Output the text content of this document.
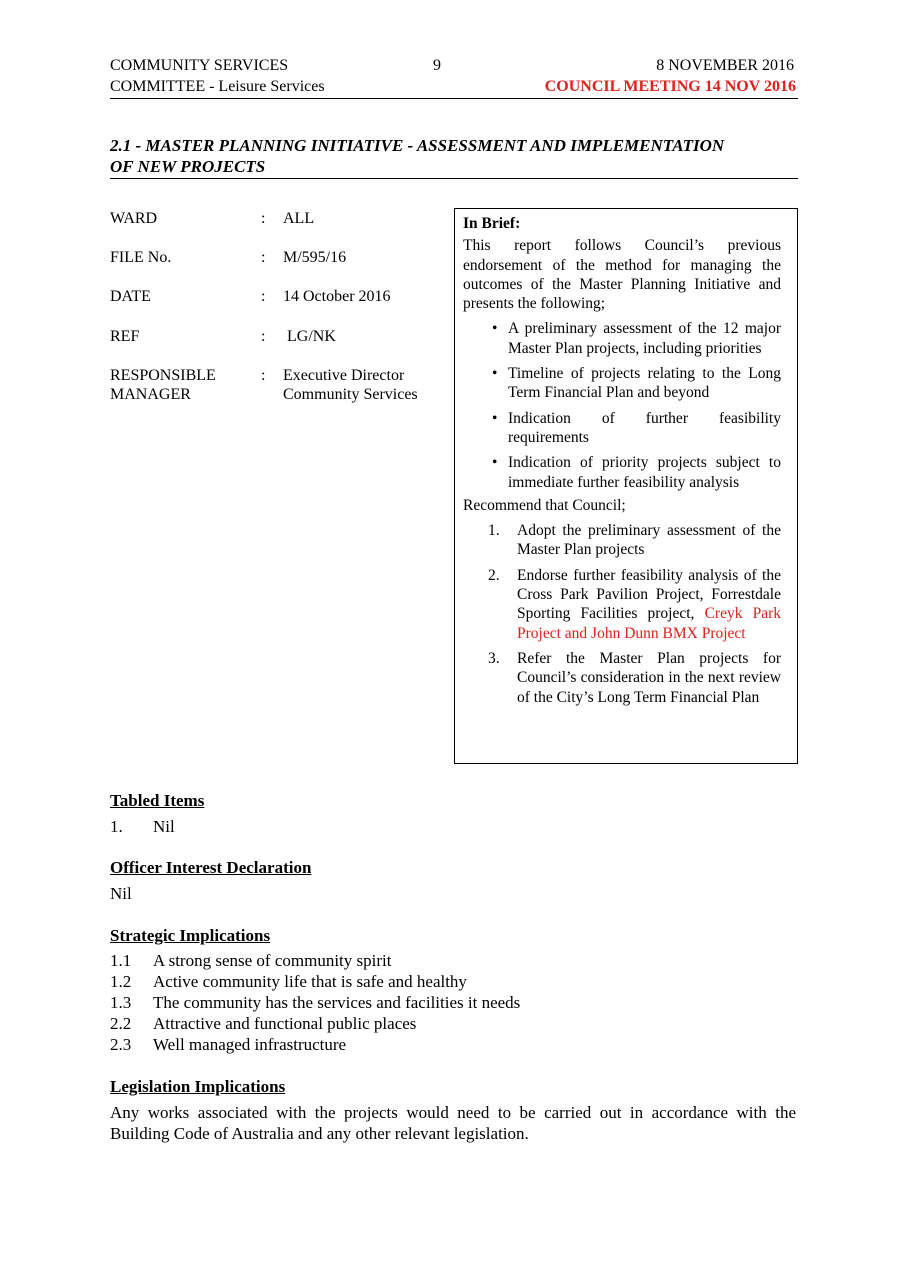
COMMUNITY SERVICES
COMMITTEE - Leisure Services
9	8 NOVEMBER 2016
COUNCIL MEETING 14 NOV 2016
2.1 - MASTER PLANNING INITIATIVE - ASSESSMENT AND IMPLEMENTATION
OF NEW PROJECTS
WARD	: ALL
FILE No.	: M/595/16
DATE	: 14 October 2016
REF	: LG/NK
RESPONSIBLE MANAGER
: Executive Director Community Services
In Brief:
This report follows Council’s previous endorsement of the method for managing the outcomes of the Master Planning Initiative and presents the following;
• A preliminary assessment of the 12 major Master Plan projects, including priorities
• Timeline of projects relating to the Long Term Financial Plan and beyond
• Indication of further feasibility requirements
• Indication of priority projects subject to immediate further feasibility analysis
Recommend that Council;
1. Adopt the preliminary assessment of the Master Plan projects
2. Endorse further feasibility analysis of the Cross Park Pavilion Project, Forrestdale Sporting Facilities project, Creyk Park Project and John Dunn BMX Project
3. Refer the Master Plan projects for Council’s consideration in the next review of the City’s Long Term Financial Plan
Tabled Items
1. Nil
Officer Interest Declaration
Nil
Strategic Implications
1.1 A strong sense of community spirit
1.2 Active community life that is safe and healthy
1.3 The community has the services and facilities it needs
2.2 Attractive and functional public places
2.3 Well managed infrastructure
Legislation Implications
Any works associated with the projects would need to be carried out in accordance with the Building Code of Australia and any other relevant legislation.
